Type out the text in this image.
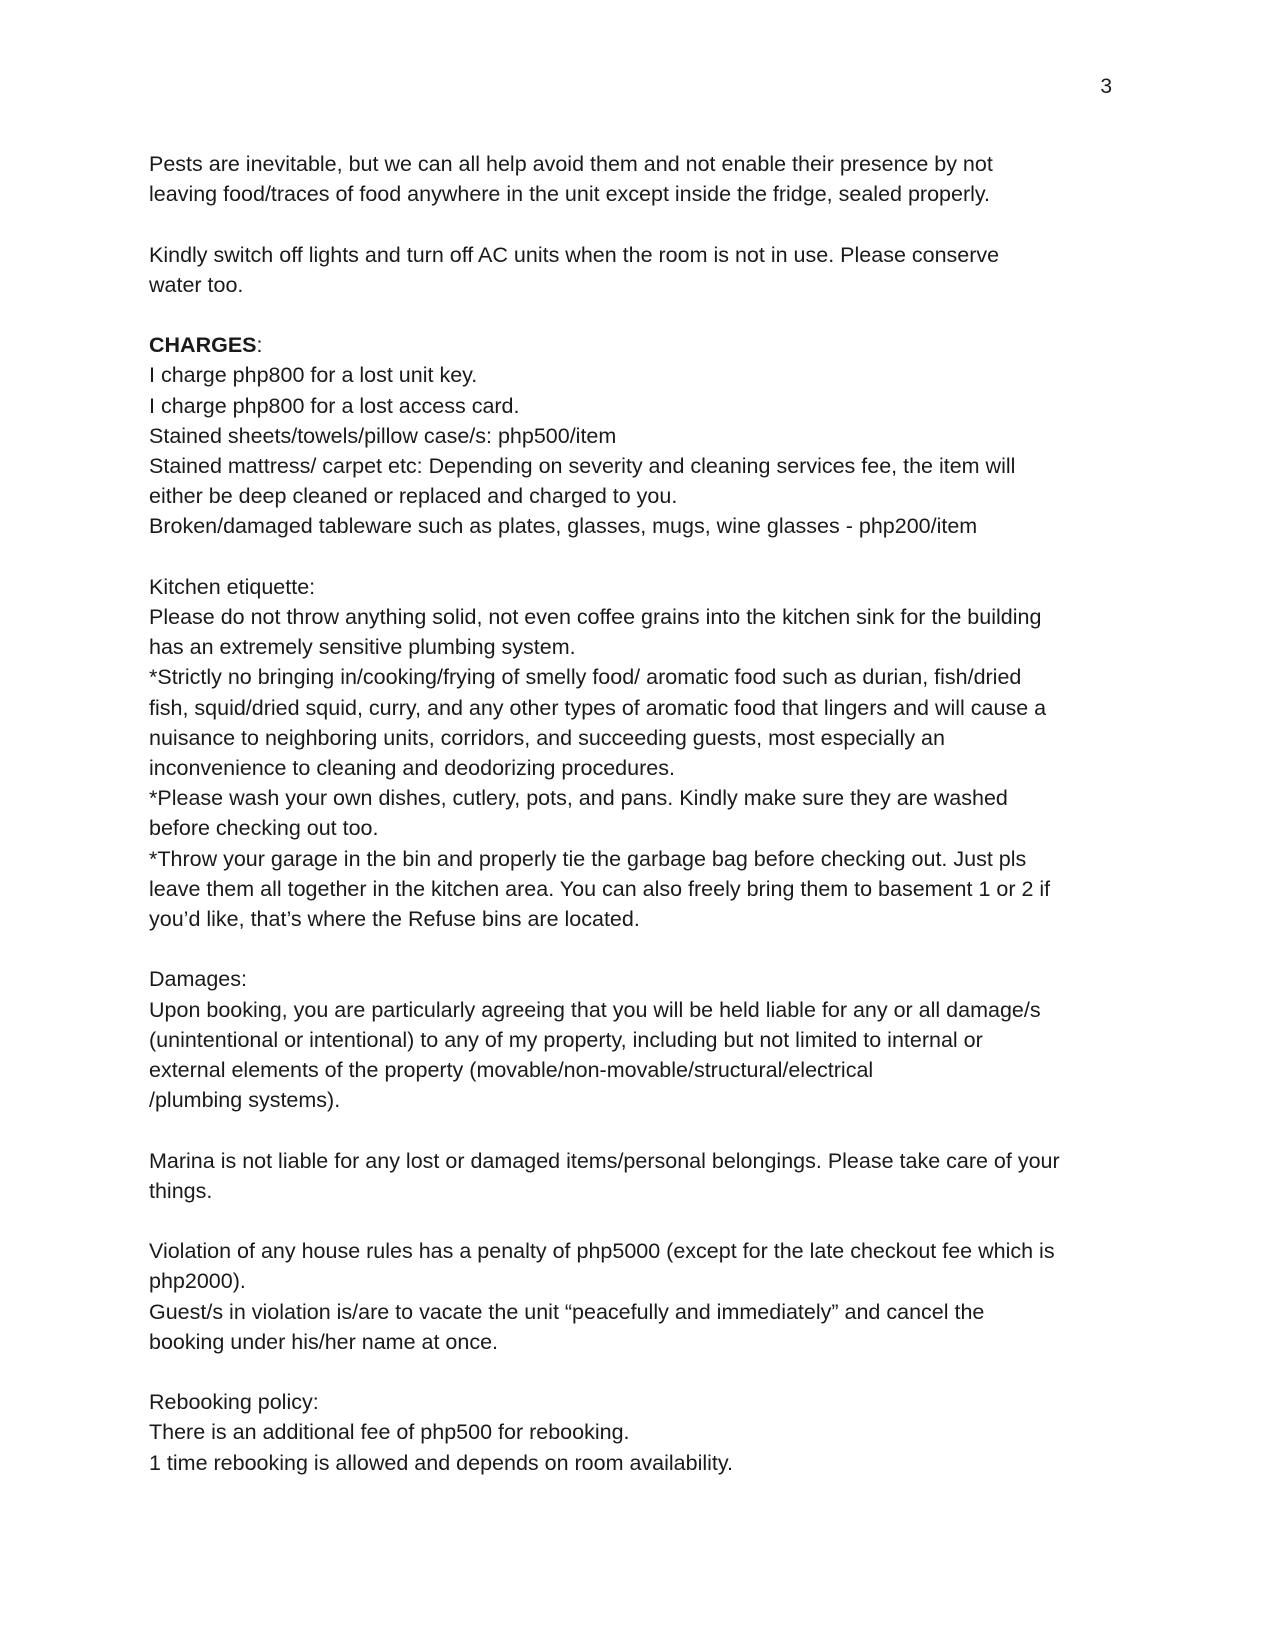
3
Pests are inevitable, but we can all help avoid them and not enable their presence by not
leaving food/traces of food anywhere in the unit except inside the fridge, sealed properly.
Kindly switch off lights and turn off AC units when the room is not in use. Please conserve
water too.
CHARGES:
I charge php800 for a lost unit key.
I charge php800 for a lost access card.
Stained sheets/towels/pillow case/s: php500/item
Stained mattress/ carpet etc: Depending on severity and cleaning services fee, the item will
either be deep cleaned or replaced and charged to you.
Broken/damaged tableware such as plates, glasses, mugs, wine glasses - php200/item
Kitchen etiquette:
Please do not throw anything solid, not even coffee grains into the kitchen sink for the building
has an extremely sensitive plumbing system.
*Strictly no bringing in/cooking/frying of smelly food/ aromatic food such as durian, fish/dried
fish, squid/dried squid, curry, and any other types of aromatic food that lingers and will cause a
nuisance to neighboring units, corridors, and succeeding guests, most especially an
inconvenience to cleaning and deodorizing procedures.
*Please wash your own dishes, cutlery, pots, and pans. Kindly make sure they are washed
before checking out too.
*Throw your garage in the bin and properly tie the garbage bag before checking out. Just pls
leave them all together in the kitchen area. You can also freely bring them to basement 1 or 2 if
you’d like, that’s where the Refuse bins are located.
Damages:
Upon booking, you are particularly agreeing that you will be held liable for any or all damage/s
(unintentional or intentional) to any of my property, including but not limited to internal or
external elements of the property (movable/non-movable/structural/electrical
/plumbing systems).
Marina is not liable for any lost or damaged items/personal belongings. Please take care of your
things.
Violation of any house rules has a penalty of php5000 (except for the late checkout fee which is
php2000).
Guest/s in violation is/are to vacate the unit “peacefully and immediately” and cancel the
booking under his/her name at once.
Rebooking policy:
There is an additional fee of php500 for rebooking.
1 time rebooking is allowed and depends on room availability.
